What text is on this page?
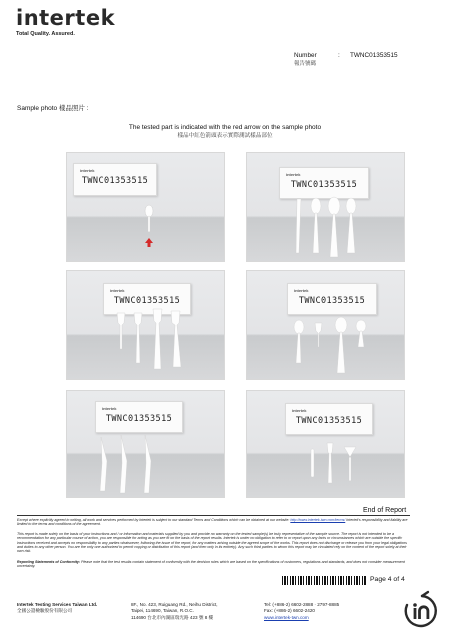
intertek
Total Quality. Assured.
Number	:	TWNC01353515
報告號碼
Sample photo 樣品照片 :
The tested part is indicated with the red arrow on the sample photo
樣品中紅色箭頭表示實際測試樣品部位
intertek
TWNC01353515
intertek
TWNC01353515
intertek
TWNC01353515
intertek
TWNC01353515
intertek
TWNC01353515
intertek
TWNC01353515
End of Report
Except where explicitly agreed in writing, all work and services performed by Intertek is subject to our standard Terms and Conditions which can be obtained at our website: http://www.intertek-twn.com/terms/ Intertek's responsibility and liability are limited to the terms and conditions of the agreement.
This report is made solely on the basis of your instructions and / or information and materials supplied by you and provide no warranty on the tested sample(s) be truly representative of the sample source. The report is not intended to be a recommendation for any particular course of action, you are responsible for acting as you see fit on the basis of the report results. Intertek is under no obligation to refer to or report upon any facts or circumstances which are outside the specific instructions received and accepts no responsibility to any parties whatsoever, following the issue of the report, for any matters arising outside the agreed scope of the works. This report does not discharge or release you from your legal obligations and duties to any other person. You are the only one authorized to permit copying or distribution of this report (and then only in its entirety). Any such third parties to whom this report may be circulated rely on the content of the report solely at their own risk.
Reporting Statements of Conformity: Please note that the test results contain statement of conformity with the decision rules which are based on the specifications of customers, regulations and standards, and does not consider measurement uncertainty.
Page 4 of 4
Intertek Testing Services Taiwan Ltd.
全國公證檢驗股份有限公司
8F., No. 423, Ruiguang Rd., Neihu District,
Taipei, 114690, Taiwan, R.O.C.
114690 台北市內湖區瑞光路 423 號 8 樓
Tel: (+886-2) 6602-2888 · 2797-8885
Fax: (+886-2) 6602-2420
www.intertek-twn.com
